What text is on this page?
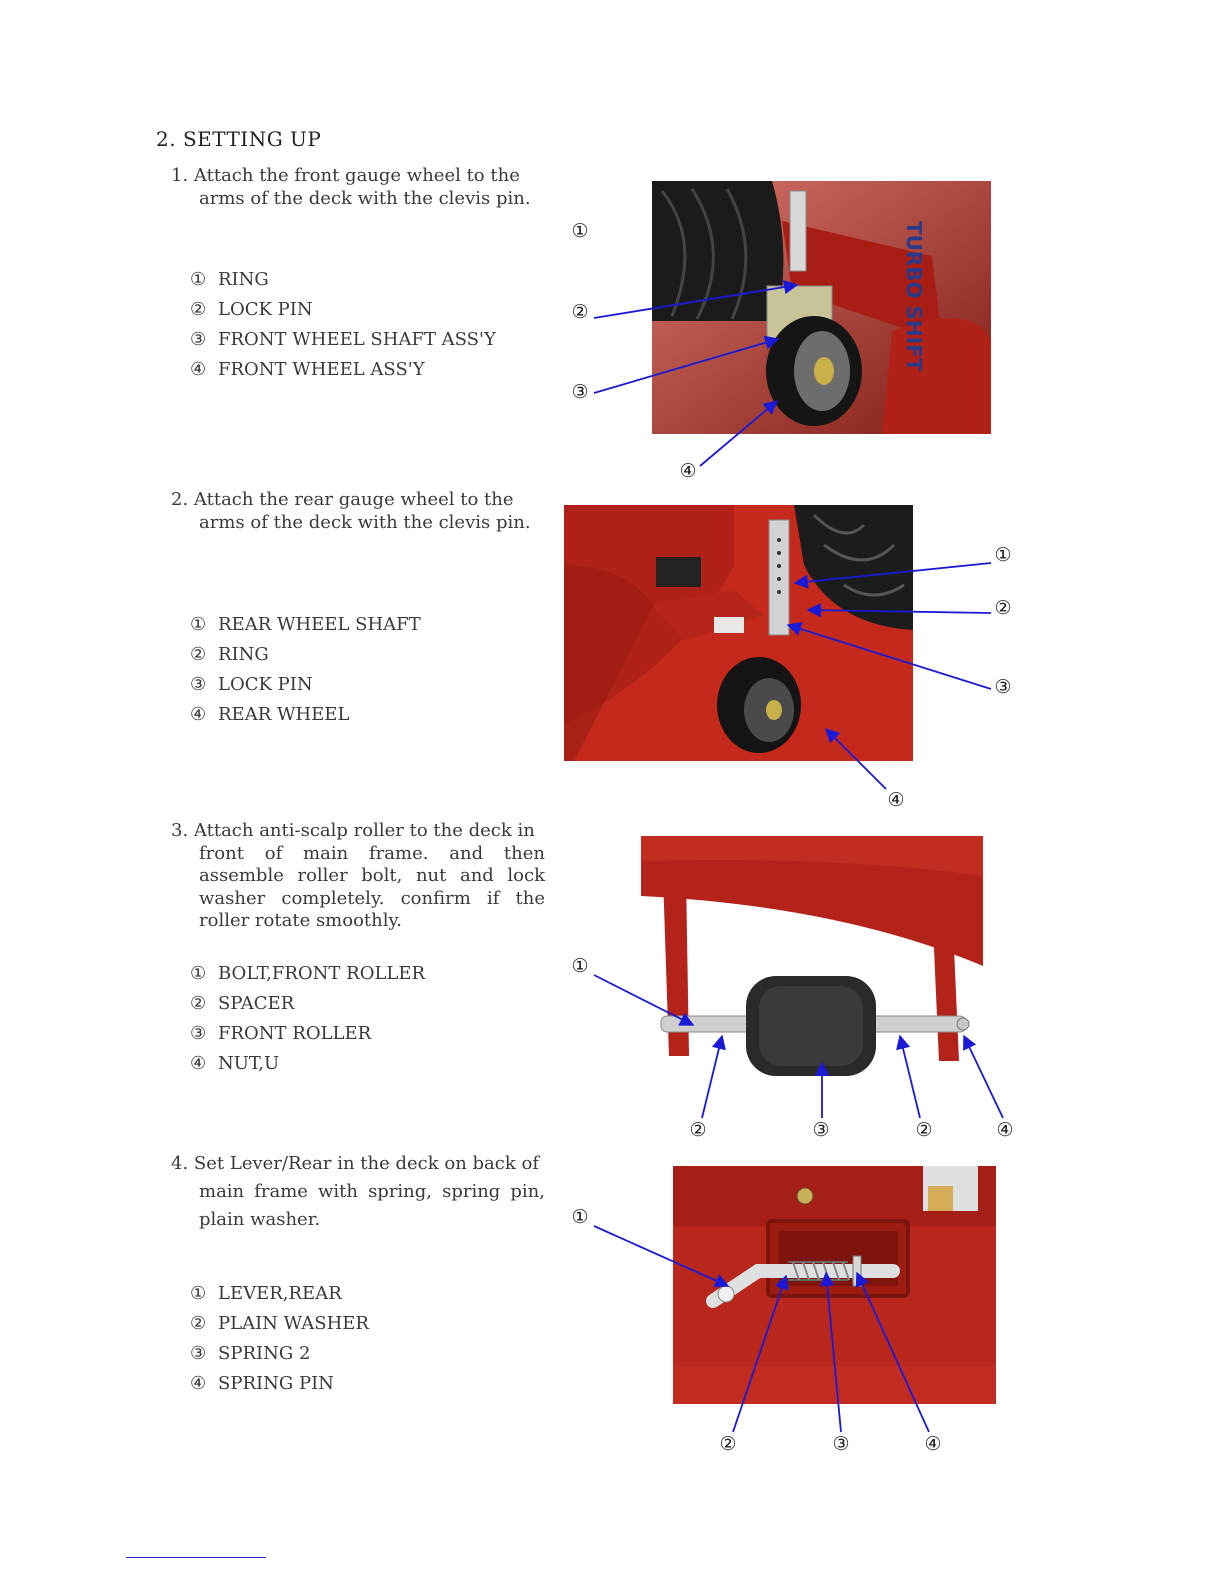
2. SETTING UP
1. Attach the front gauge wheel to the
arms of the deck with the clevis pin.
① RING
② LOCK PIN
③ FRONT WHEEL SHAFT ASS'Y
④ FRONT WHEEL ASS'Y	TURBO SHIFT
①
②
③
④
2. Attach the rear gauge wheel to the
arms of the deck with the clevis pin.
① REAR WHEEL SHAFT
② RING
③ LOCK PIN
④ REAR WHEEL
①
②
③
④
3. Attach anti-scalp roller to the deck in
front of main frame. and then assemble roller bolt, nut and lock washer completely. confirm if the roller rotate smoothly.
① BOLT,FRONT ROLLER
② SPACER
③ FRONT ROLLER
④ NUT,U
①
②	③	②	④
4. Set Lever/Rear in the deck on back of
main frame with spring, spring pin, plain washer.
① LEVER,REAR
② PLAIN WASHER
③ SPRING 2
④ SPRING PIN
①
②	③	④
